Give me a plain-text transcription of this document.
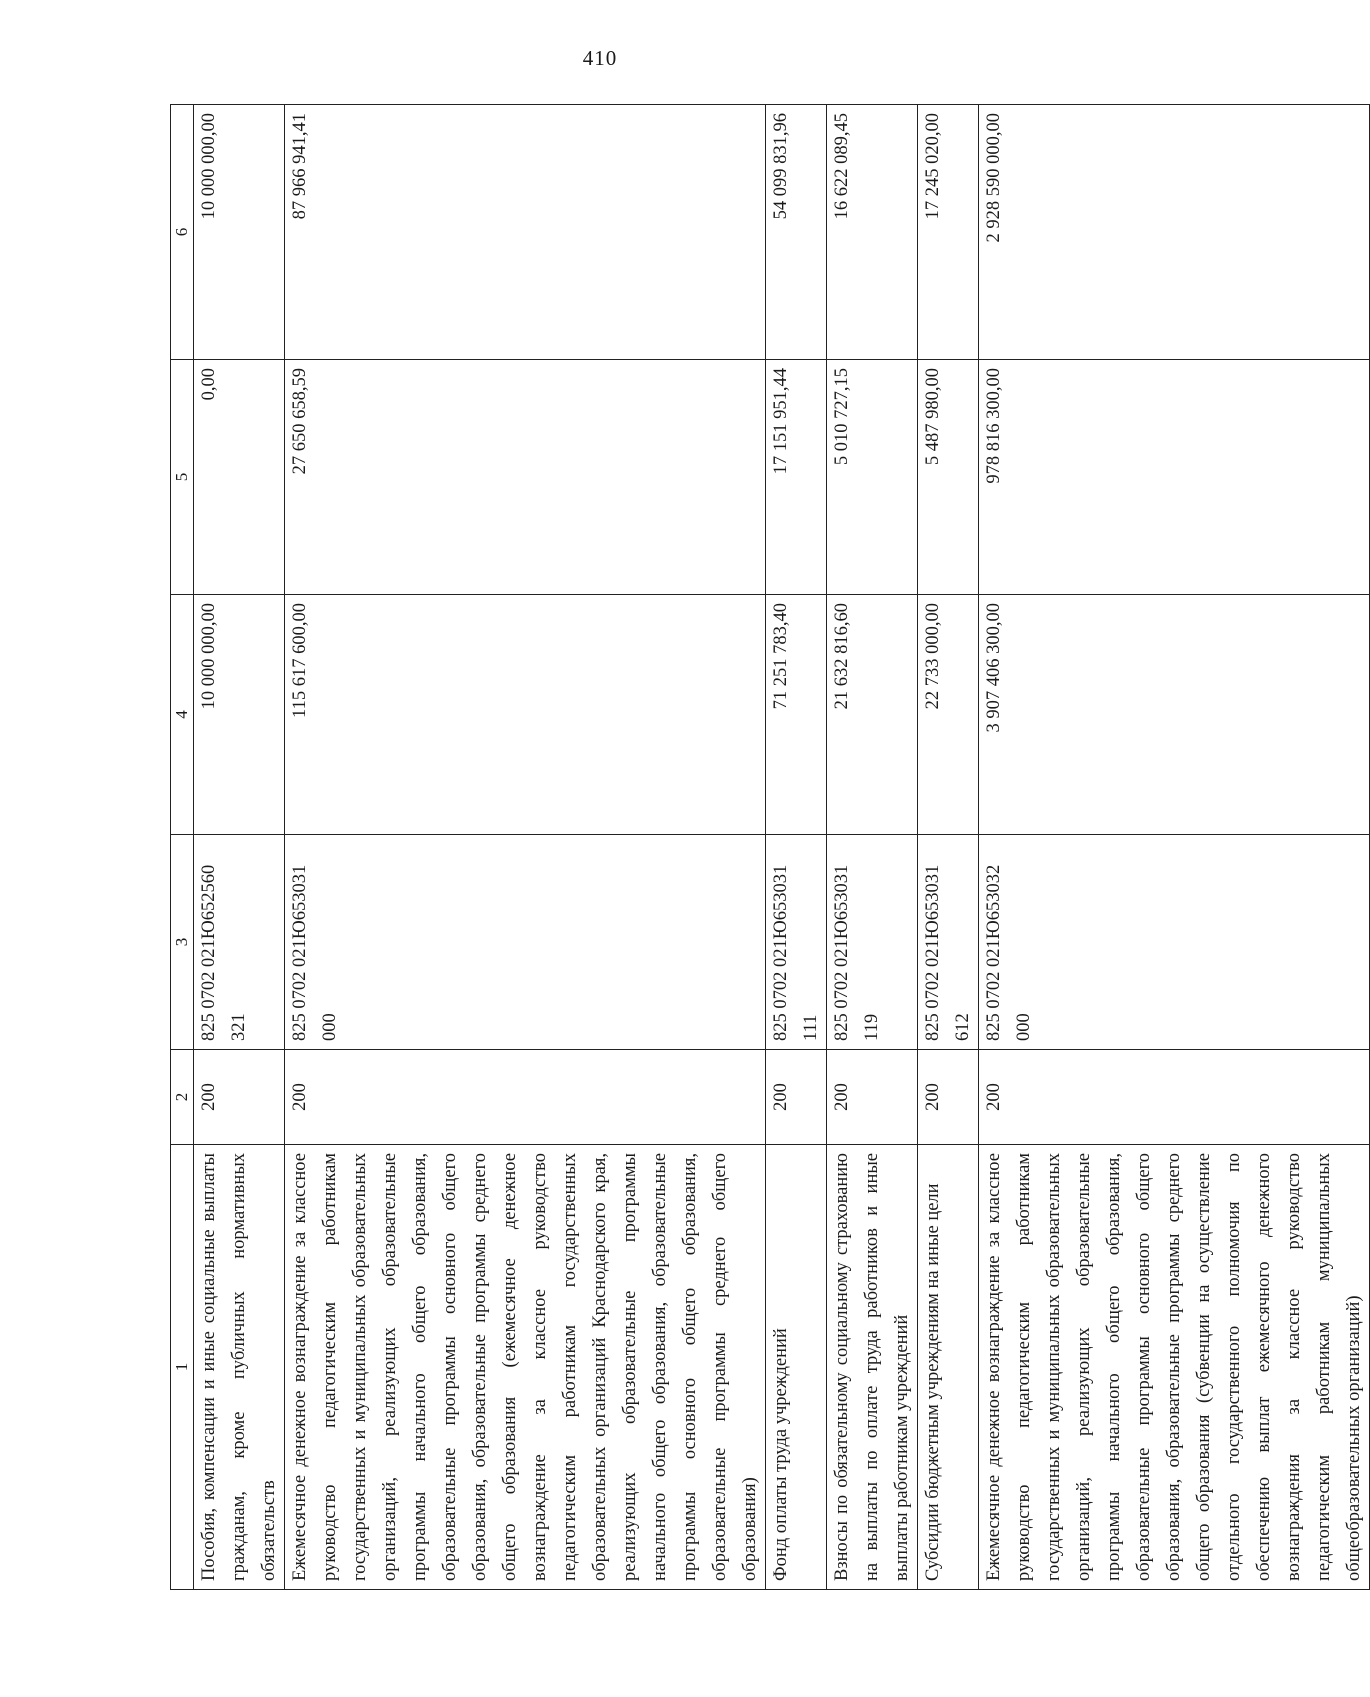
410
1	2	3	4	5	6
Пособия, компенсации и иные социальные выплаты гражданам, кроме публичных нормативных обязательств	200	825 0702 021Ю652560 321	10 000 000,00	0,00	10 000 000,00
Ежемесячное денежное вознаграждение за классное руководство педагогическим работникам государственных и муниципальных образовательных организаций, реализующих образовательные программы начального общего образования, образовательные программы основного общего образования, образовательные программы среднего общего образования (ежемесячное денежное вознаграждение за классное руководство педагогическим работникам государственных образовательных организаций Краснодарского края, реализующих образовательные программы начального общего образования, образовательные программы основного общего образования, образовательные программы среднего общего образования)	200	825 0702 021Ю653031 000	115 617 600,00	27 650 658,59	87 966 941,41
Фонд оплаты труда учреждений	200	825 0702 021Ю653031 111	71 251 783,40	17 151 951,44	54 099 831,96
Взносы по обязательному социальному страхованию на выплаты по оплате труда работников и иные выплаты работникам учреждений	200	825 0702 021Ю653031 119	21 632 816,60	5 010 727,15	16 622 089,45
Субсидии бюджетным учреждениям на иные цели	200	825 0702 021Ю653031 612	22 733 000,00	5 487 980,00	17 245 020,00
Ежемесячное денежное вознаграждение за классное руководство педагогическим работникам государственных и муниципальных образовательных организаций, реализующих образовательные программы начального общего образования, образовательные программы основного общего образования, образовательные программы среднего общего образования (субвенции на осуществление отдельного государственного полномочия по обеспечению выплат ежемесячного денежного вознаграждения за классное руководство педагогическим работникам муниципальных общеобразовательных организаций)	200	825 0702 021Ю653032 000	3 907 406 300,00	978 816 300,00	2 928 590 000,00
